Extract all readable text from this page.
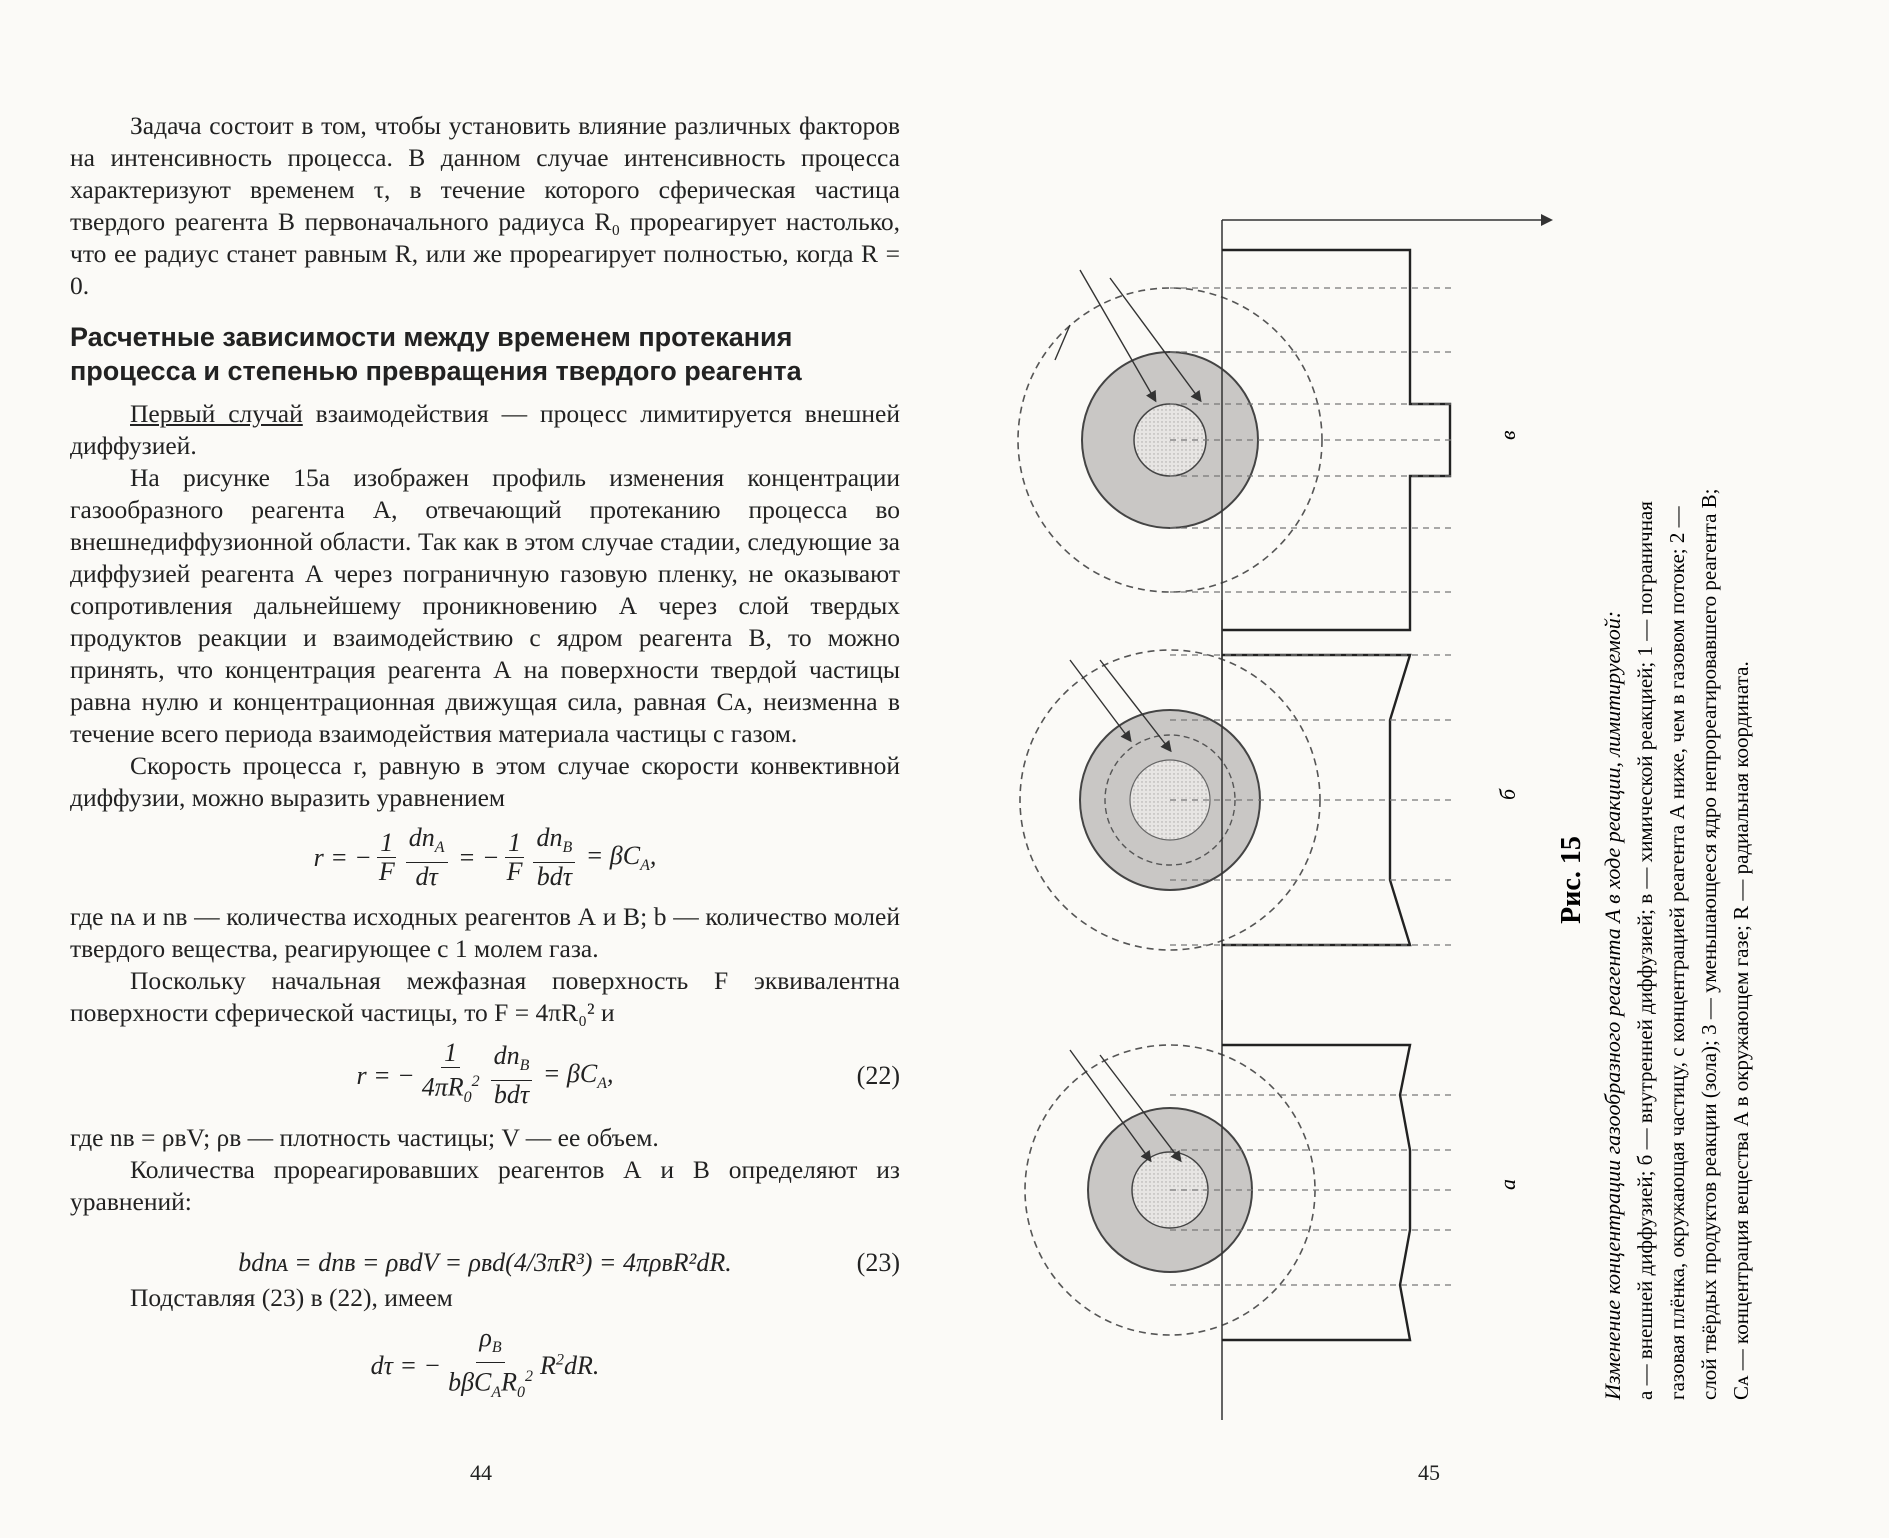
Задача состоит в том, чтобы установить влияние различных факторов на интенсивность процесса. В данном случае интенсивность процесса характеризуют временем τ, в течение которого сферическая частица твердого реагента В первоначального радиуса R₀ прореагирует настолько, что ее радиус станет равным R, или же прореагирует полностью, когда R = 0.

Расчетные зависимости между временем протекания процесса и степенью превращения твердого реагента

Первый случай взаимодействия — процесс лимитируется внешней диффузией.

На рисунке 15а изображен профиль изменения концентрации газообразного реагента А, отвечающий протеканию процесса во внешнедиффузионной области. Так как в этом случае стадии, следующие за диффузией реагента А через пограничную газовую пленку, не оказывают сопротивления дальнейшему проникновению А через слой твердых продуктов реакции и взаимодействию с ядром реагента В, то можно принять, что концентрация реагента А на поверхности твердой частицы равна нулю и концентрационная движущая сила, равная Cᴀ, неизменна в течение всего периода взаимодействия материала частицы с газом.

Скорость процесса r, равную в этом случае скорости конвективной диффузии, можно выразить уравнением

r = − $\frac{1}{F} \frac{dn_A}{d\tau}$ = − $\frac{1}{F} \frac{dn_B}{\text{bdτ}} = \beta C_A$,

где nᴀ и nʙ — количества исходных реагентов А и В; b — количество молей твердого вещества, реагирующее с 1 молем газа.

Поскольку начальная межфазная поверхность F эквивалентна поверхности сферической частицы, то F = 4πR₀² и

r = − $\frac{1}{4\pi R_0^2} \frac{dn_B}{\text{bdτ}} = \beta C_A$,	(22)

где nʙ = ρʙV; ρʙ — плотность частицы; V — ее объем.

Количества прореагировавших реагентов А и В определяют из уравнений:

bdnᴀ = dnʙ = ρʙdV = ρʙd(4/3πR³) = 4πρʙR²dR.	(23)

Подставляя (23) в (22), имеем

dτ = − $\frac{\rho_B}{b\beta C_AR_0^2} R^2dR$.
44
в
б
а
Рис. 15 Изменение концентрации газообразного реагента А в ходе реакции, лимитируемой: а — внешней диффузией; б — внутренней диффузией; в — химической реакцией; 1 — пограничная газовая плёнка, окружающая частицу, с концентрацией реагента А ниже, чем в газовом потоке; 2 — слой твёрдых продуктов реакции (зола); 3 — уменьшающееся ядро непрореагировавшего реагента В; Cᴀ — концентрация вещества А в окружающем газе; R — радиальная координата.
45
